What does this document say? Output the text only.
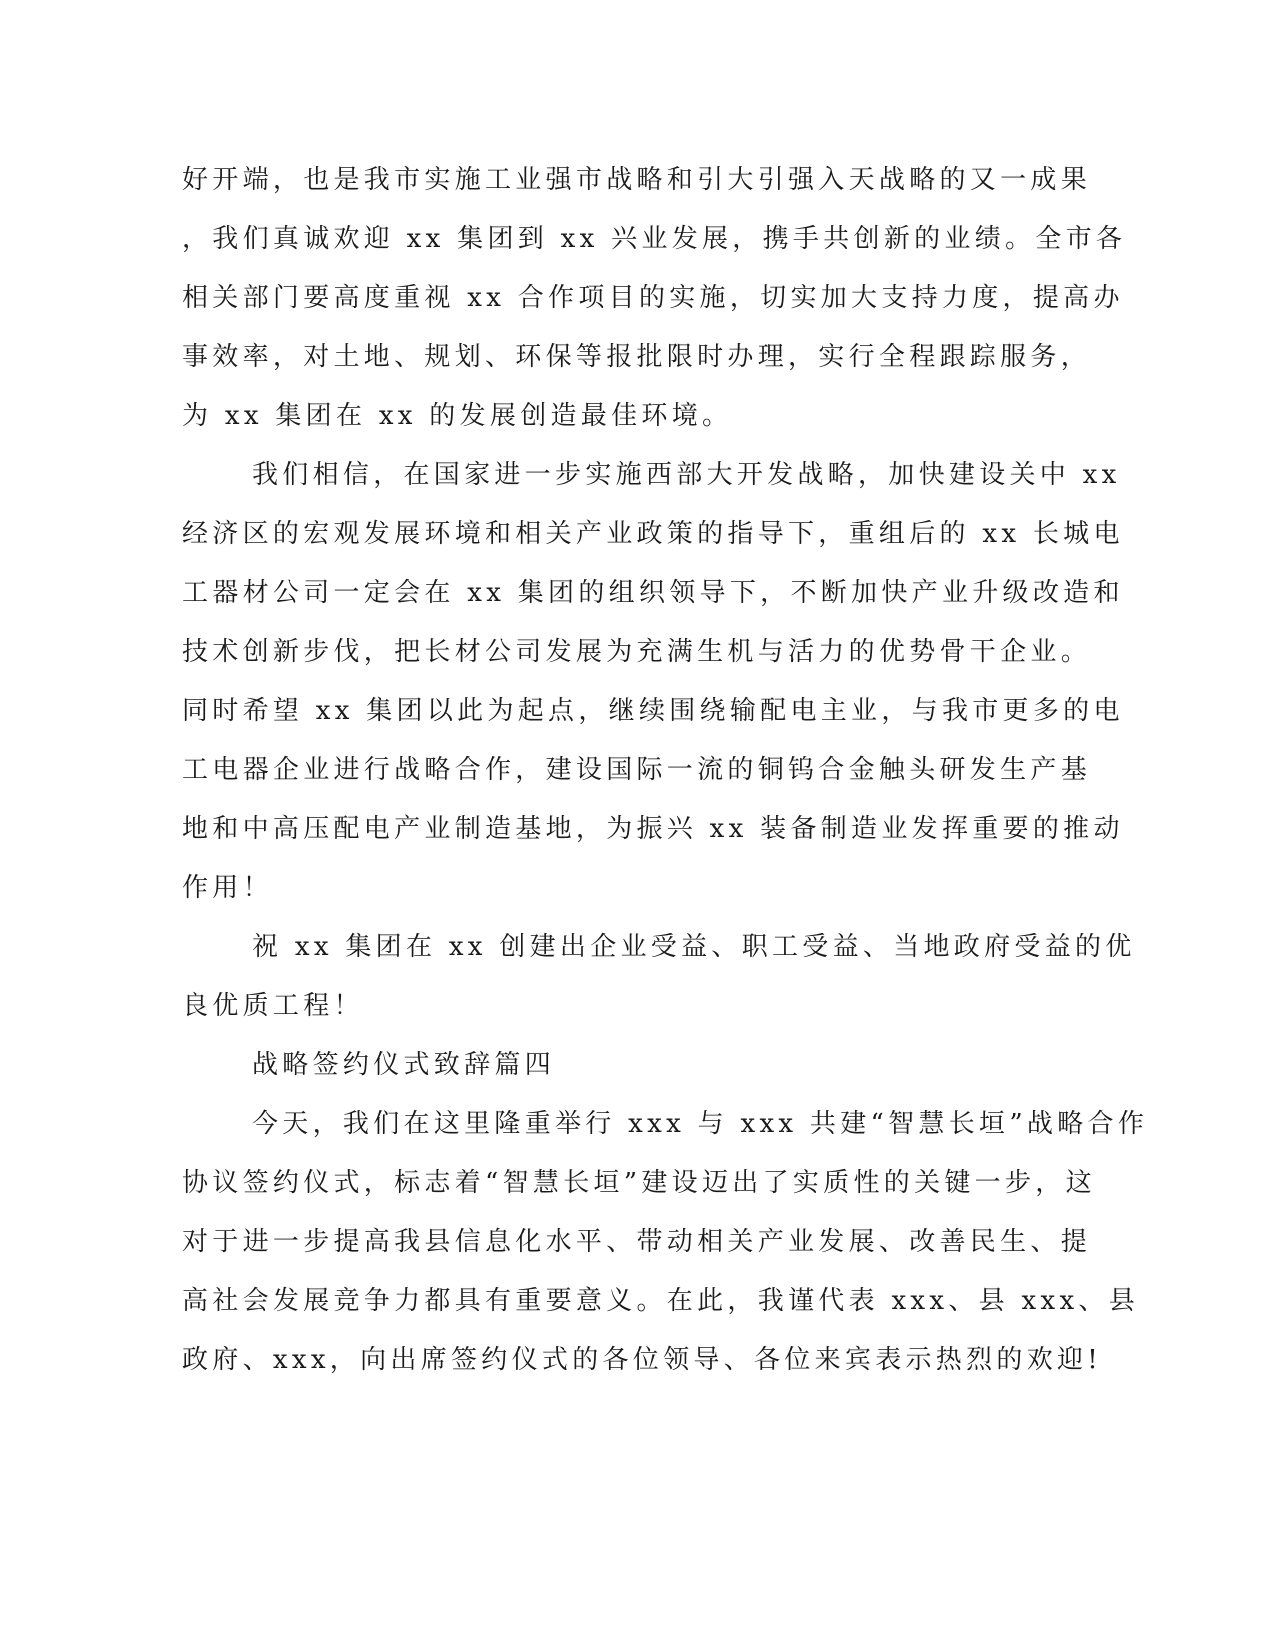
好开端，也是我市实施工业强市战略和引大引强入天战略的又一成果
，我们真诚欢迎 xx 集团到 xx 兴业发展，携手共创新的业绩。全市各
相关部门要高度重视 xx 合作项目的实施，切实加大支持力度，提高办
事效率，对土地、规划、环保等报批限时办理，实行全程跟踪服务，
为 xx 集团在 xx 的发展创造最佳环境。
我们相信，在国家进一步实施西部大开发战略，加快建设关中 xx
经济区的宏观发展环境和相关产业政策的指导下，重组后的 xx 长城电
工器材公司一定会在 xx 集团的组织领导下，不断加快产业升级改造和
技术创新步伐，把长材公司发展为充满生机与活力的优势骨干企业。
同时希望 xx 集团以此为起点，继续围绕输配电主业，与我市更多的电
工电器企业进行战略合作，建设国际一流的铜钨合金触头研发生产基
地和中高压配电产业制造基地，为振兴 xx 装备制造业发挥重要的推动
作用！
祝 xx 集团在 xx 创建出企业受益、职工受益、当地政府受益的优
良优质工程！
战略签约仪式致辞篇四
今天，我们在这里隆重举行 xxx 与 xxx 共建“智慧长垣”战略合作
协议签约仪式，标志着“智慧长垣”建设迈出了实质性的关键一步，这
对于进一步提高我县信息化水平、带动相关产业发展、改善民生、提
高社会发展竞争力都具有重要意义。在此，我谨代表 xxx、县 xxx、县
政府、xxx，向出席签约仪式的各位领导、各位来宾表示热烈的欢迎!
